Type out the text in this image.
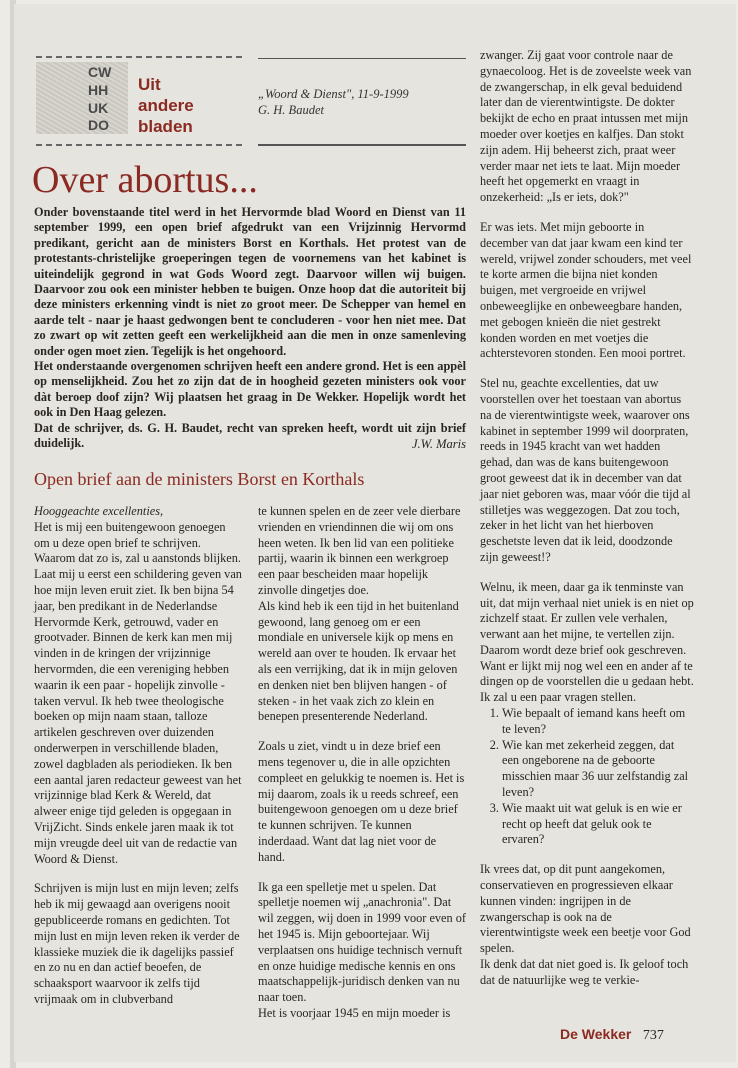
CW
HH
UK
DO
Uit
andere
bladen
„Woord & Dienst", 11-9-1999
G. H. Baudet
Over abortus...

Onder bovenstaande titel werd in het Hervormde blad Woord en Dienst van 11 september 1999, een open brief afgedrukt van een Vrijzinnig Hervormd predikant, gericht aan de ministers Borst en Korthals. Het protest van de protestants-christelijke groeperingen tegen de voornemens van het kabinet is uiteindelijk gegrond in wat Gods Woord zegt. Daarvoor willen wij buigen. Daarvoor zou ook een minister hebben te buigen. Onze hoop dat die autoriteit bij deze ministers erkenning vindt is niet zo groot meer. De Schepper van hemel en aarde telt - naar je haast gedwongen bent te concluderen - voor hen niet mee. Dat zo zwart op wit zetten geeft een werkelijkheid aan die men in onze samenleving onder ogen moet zien. Tegelijk is het ongehoord.

Het onderstaande overgenomen schrijven heeft een andere grond. Het is een appèl op menselijkheid. Zou het zo zijn dat de in hoogheid gezeten ministers ook voor dàt beroep doof zijn? Wij plaatsen het graag in De Wekker. Hopelijk wordt het ook in Den Haag gelezen.

Dat de schrijver, ds. G. H. Baudet, recht van spreken heeft, wordt uit zijn brief duidelijk.	J.W. Maris
Open brief aan de ministers Borst en Korthals

Hooggeachte excellenties,

Het is mij een buitengewoon genoegen om u deze open brief te schrijven. Waarom dat zo is, zal u aanstonds blijken. Laat mij u eerst een schildering geven van hoe mijn leven eruit ziet. Ik ben bijna 54 jaar, ben predikant in de Nederlandse Hervormde Kerk, getrouwd, vader en grootvader. Binnen de kerk kan men mij vinden in de kringen der vrijzinnige hervormden, die een vereniging hebben waarin ik een paar - hopelijk zinvolle - taken vervul. Ik heb twee theologische boeken op mijn naam staan, talloze artikelen geschreven over duizenden onderwerpen in verschillende bladen, zowel dagbladen als periodieken. Ik ben een aantal jaren redacteur geweest van het vrijzinnige blad Kerk & Wereld, dat alweer enige tijd geleden is opgegaan in VrijZicht. Sinds enkele jaren maak ik tot mijn vreugde deel uit van de redactie van Woord & Dienst.

Schrijven is mijn lust en mijn leven; zelfs heb ik mij gewaagd aan overigens nooit gepubliceerde romans en gedichten. Tot mijn lust en mijn leven reken ik verder de klassieke muziek die ik dagelijks passief en zo nu en dan actief beoefen, de schaaksport waarvoor ik zelfs tijd vrijmaak om in clubverband

te kunnen spelen en de zeer vele dierbare vrienden en vriendinnen die wij om ons heen weten. Ik ben lid van een politieke partij, waarin ik binnen een werkgroep een paar bescheiden maar hopelijk zinvolle dingetjes doe.

Als kind heb ik een tijd in het buitenland gewoond, lang genoeg om er een mondiale en universele kijk op mens en wereld aan over te houden. Ik ervaar het als een verrijking, dat ik in mijn geloven en denken niet ben blijven hangen - of steken - in het vaak zich zo klein en benepen presenterende Nederland.

Zoals u ziet, vindt u in deze brief een mens tegenover u, die in alle opzichten compleet en gelukkig te noemen is. Het is mij daarom, zoals ik u reeds schreef, een buitengewoon genoegen om u deze brief te kunnen schrijven. Te kunnen inderdaad. Want dat lag niet voor de hand.

Ik ga een spelletje met u spelen. Dat spelletje noemen wij „anachronia". Dat wil zeggen, wij doen in 1999 voor even of het 1945 is. Mijn geboortejaar. Wij verplaatsen ons huidige technisch vernuft en onze huidige medische kennis en ons maatschappelijk-juridisch denken van nu naar toen.

Het is voorjaar 1945 en mijn moeder is

zwanger. Zij gaat voor controle naar de gynaecoloog. Het is de zoveelste week van de zwangerschap, in elk geval beduidend later dan de vierentwintigste. De dokter bekijkt de echo en praat intussen met mijn moeder over koetjes en kalfjes. Dan stokt zijn adem. Hij beheerst zich, praat weer verder maar net iets te laat. Mijn moeder heeft het opgemerkt en vraagt in onzekerheid: „Is er iets, dok?"

Er was iets. Met mijn geboorte in december van dat jaar kwam een kind ter wereld, vrijwel zonder schouders, met veel te korte armen die bijna niet konden buigen, met vergroeide en vrijwel onbeweeglijke en onbeweegbare handen, met gebogen knieën die niet gestrekt konden worden en met voetjes die achterstevoren stonden. Een mooi portret.

Stel nu, geachte excellenties, dat uw voorstellen over het toestaan van abortus na de vierentwintigste week, waarover ons kabinet in september 1999 wil doorpraten, reeds in 1945 kracht van wet hadden gehad, dan was de kans buitengewoon groot geweest dat ik in december van dat jaar niet geboren was, maar vóór die tijd al stilletjes was weggezogen. Dat zou toch, zeker in het licht van het hierboven geschetste leven dat ik leid, doodzonde zijn geweest!?

Welnu, ik meen, daar ga ik tenminste van uit, dat mijn verhaal niet uniek is en niet op zichzelf staat. Er zullen vele verhalen, verwant aan het mijne, te vertellen zijn. Daarom wordt deze brief ook geschreven. Want er lijkt mij nog wel een en ander af te dingen op de voorstellen die u gedaan hebt. Ik zal u een paar vragen stellen.

1. Wie bepaalt of iemand kans heeft om te leven?
2. Wie kan met zekerheid zeggen, dat een ongeborene na de geboorte misschien maar 36 uur zelfstandig zal leven?
3. Wie maakt uit wat geluk is en wie er recht op heeft dat geluk ook te ervaren?

Ik vrees dat, op dit punt aangekomen, conservatieven en progressieven elkaar kunnen vinden: ingrijpen in de zwangerschap is ook na de vierentwintigste week een beetje voor God spelen.

Ik denk dat dat niet goed is. Ik geloof toch dat de natuurlijke weg te verkie-

De Wekker 737
